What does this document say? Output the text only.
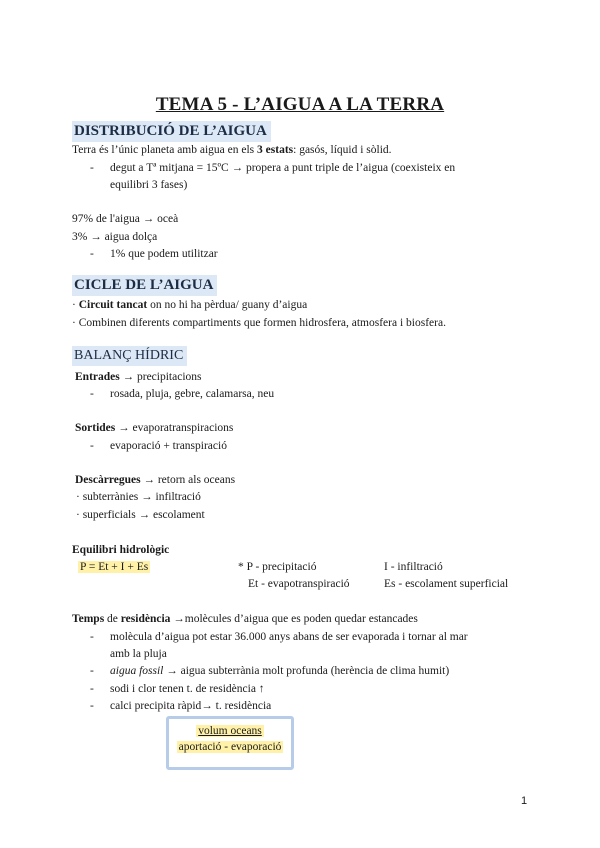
TEMA 5 - L’AIGUA A LA TERRA
DISTRIBUCIÓ DE L’AIGUA
Terra és l’únic planeta amb aigua en els 3 estats: gasós, líquid i sòlid.
- degut a Tª mitjana = 15ºC → propera a punt triple de l’aigua (coexisteix en
equilibri 3 fases)
97% de l'aigua → oceà
3% → aigua dolça
- 1% que podem utilitzar
CICLE DE L’AIGUA
· Circuit tancat on no hi ha pèrdua/ guany d’aigua
· Combinen diferents compartiments que formen hidrosfera, atmosfera i biosfera.
BALANÇ HÍDRIC
Entrades → precipitacions
- rosada, pluja, gebre, calamarsa, neu
Sortides → evaporatranspiracions
- evaporació + transpiració
Descàrregues → retorn als oceans
· subterrànies → infiltració
· superficials → escolament
Equilibri hidrològic
P = Et + I + Es	* P - precipitació
Et - evapotranspiració
I - infiltració
Es - escolament superficial
Temps de residència →molècules d’aigua que es poden quedar estancades
- molècula d’aigua pot estar 36.000 anys abans de ser evaporada i tornar al mar
amb la pluja
- aigua fossil → aigua subterrània molt profunda (herència de clima humit)
- sodi i clor tenen t. de residència ↑
- calci precipita ràpid→ t. residència
volum oceans
aportació - evaporació
1
